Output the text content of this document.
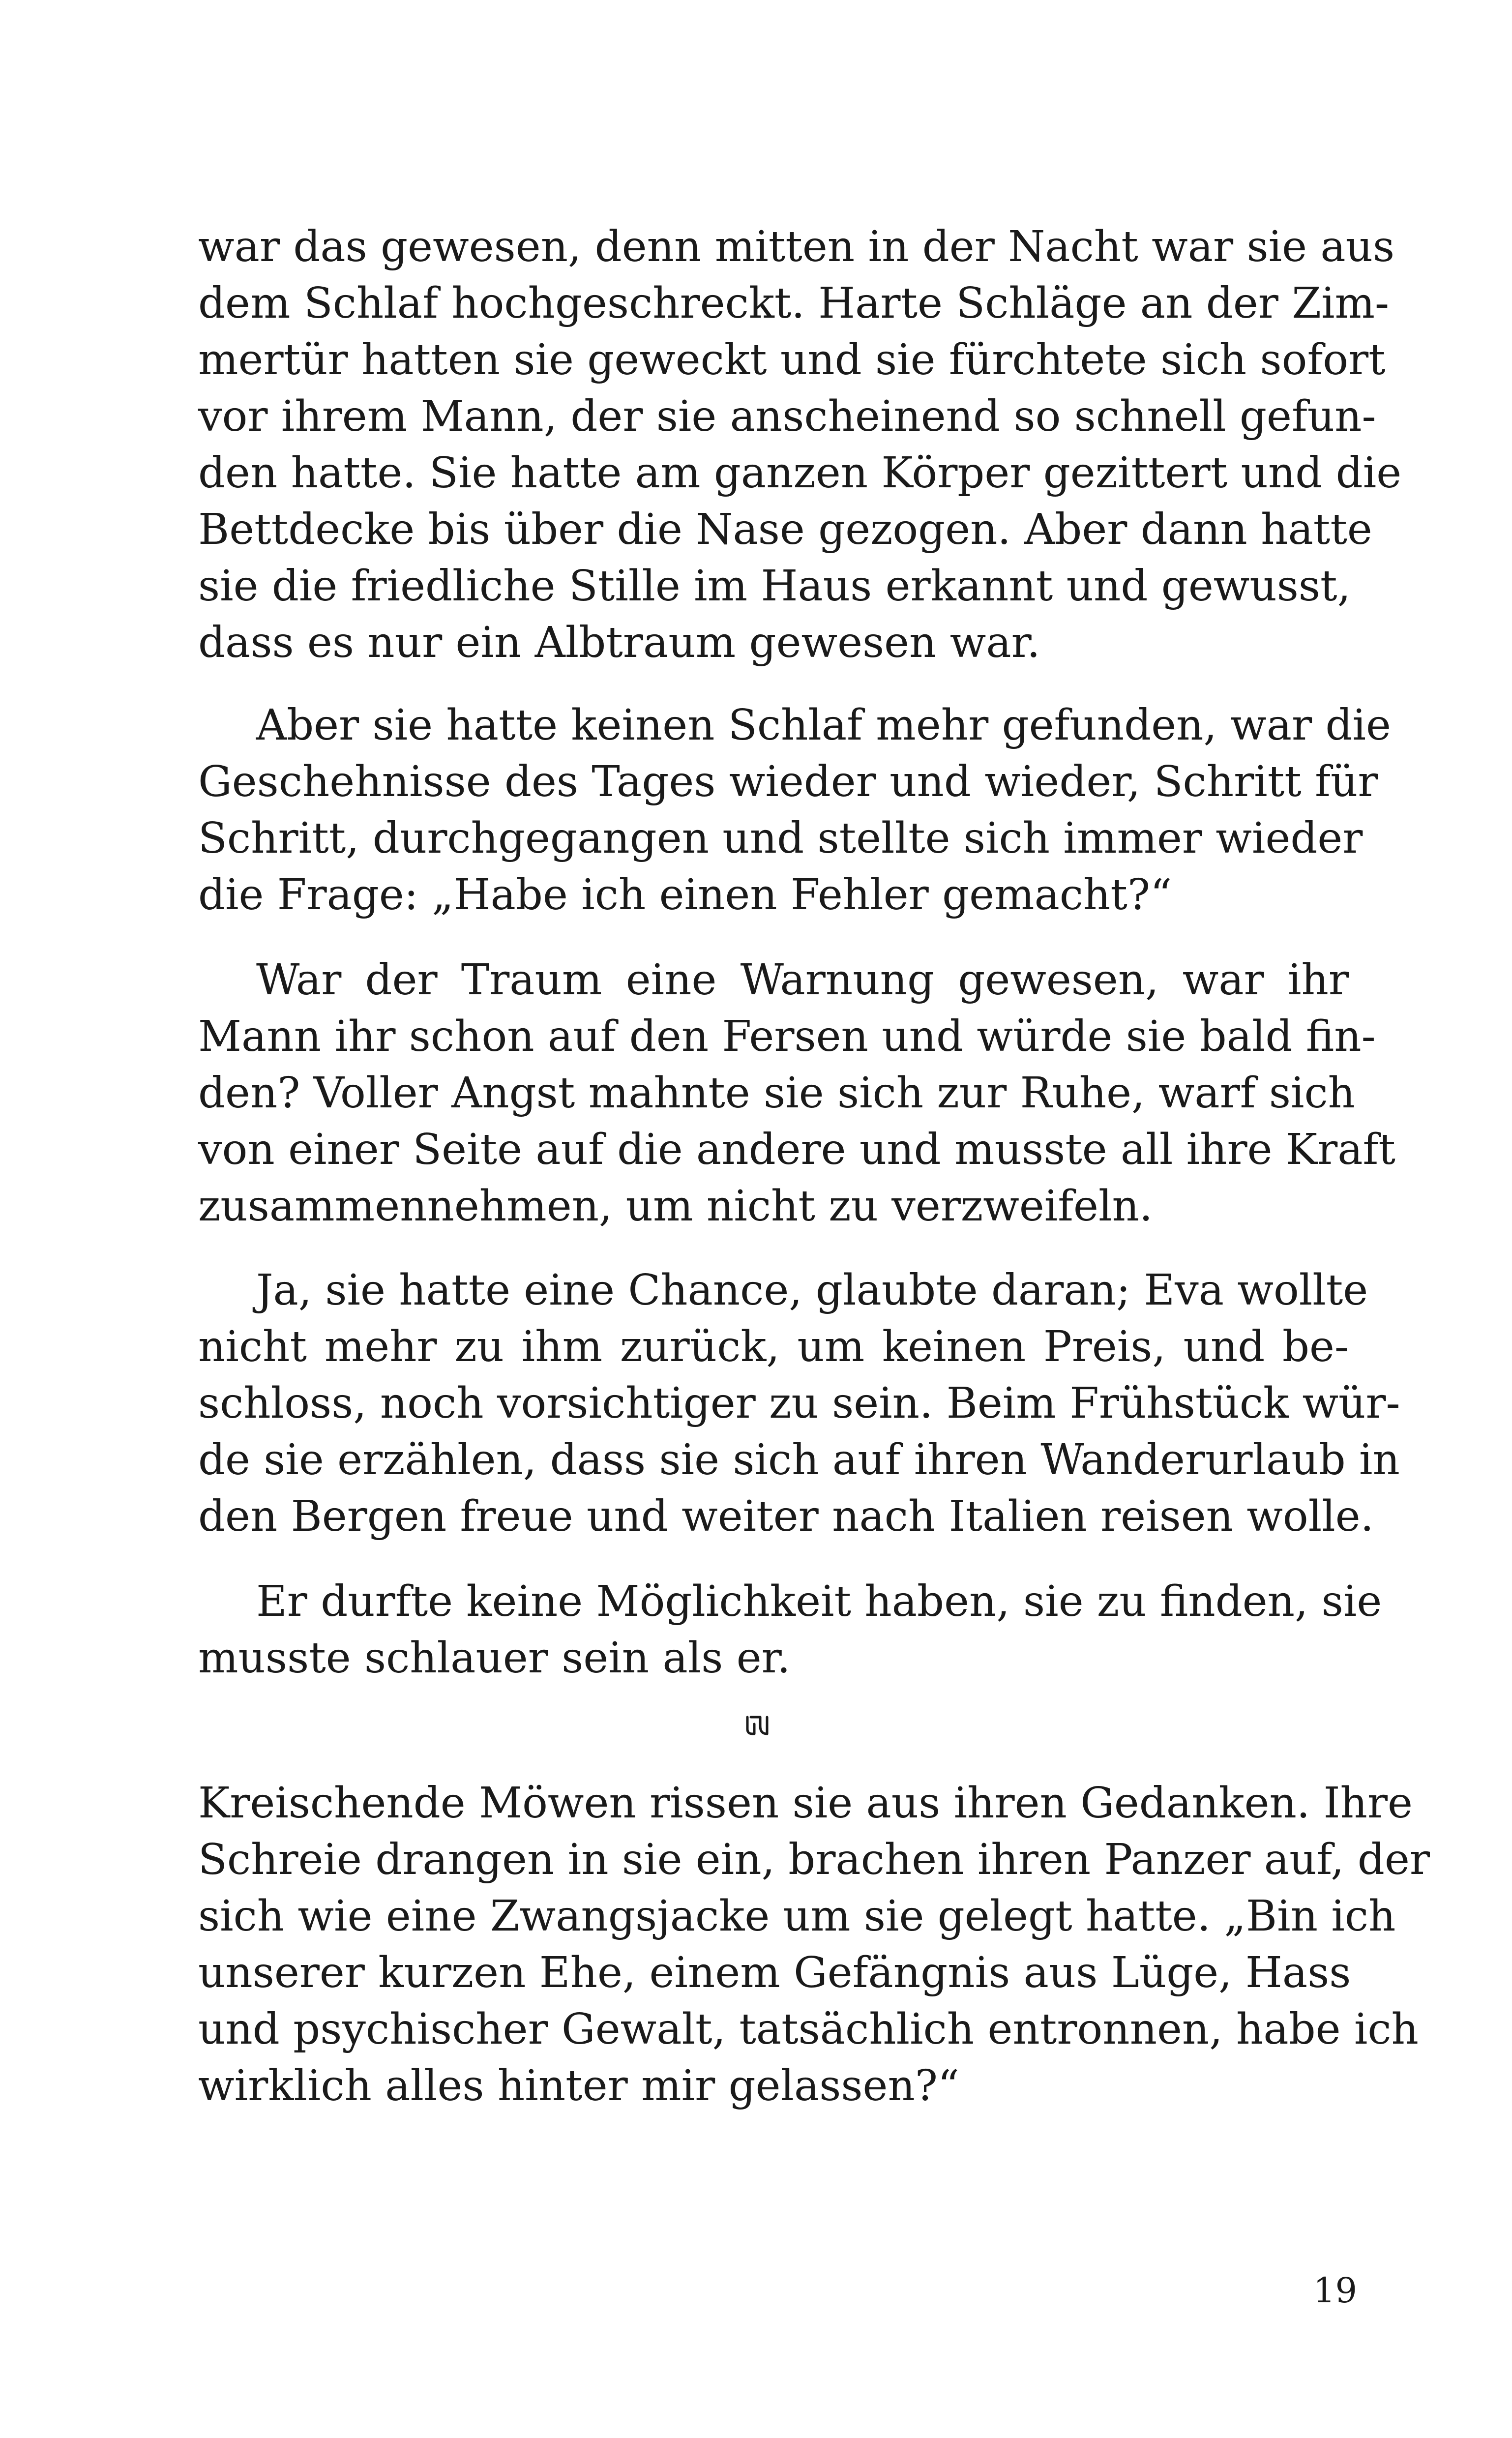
war das gewesen, denn mitten in der Nacht war sie aus
dem Schlaf hochgeschreckt. Harte Schläge an der Zim-
mertür hatten sie geweckt und sie fürchtete sich sofort
vor ihrem Mann, der sie anscheinend so schnell gefun-
den hatte. Sie hatte am ganzen Körper gezittert und die
Bettdecke bis über die Nase gezogen. Aber dann hatte
sie die friedliche Stille im Haus erkannt und gewusst,
dass es nur ein Albtraum gewesen war.
Aber sie hatte keinen Schlaf mehr gefunden, war die
Geschehnisse des Tages wieder und wieder, Schritt für
Schritt, durchgegangen und stellte sich immer wieder
die Frage: „Habe ich einen Fehler gemacht?“
War der Traum eine Warnung gewesen, war ihr
Mann ihr schon auf den Fersen und würde sie bald fin-
den? Voller Angst mahnte sie sich zur Ruhe, warf sich
von einer Seite auf die andere und musste all ihre Kraft
zusammennehmen, um nicht zu verzweifeln.
Ja, sie hatte eine Chance, glaubte daran; Eva wollte
nicht mehr zu ihm zurück, um keinen Preis, und be-
schloss, noch vorsichtiger zu sein. Beim Frühstück wür-
de sie erzählen, dass sie sich auf ihren Wanderurlaub in
den Bergen freue und weiter nach Italien reisen wolle.
Er durfte keine Möglichkeit haben, sie zu finden, sie
musste schlauer sein als er.
Kreischende Möwen rissen sie aus ihren Gedanken. Ihre
Schreie drangen in sie ein, brachen ihren Panzer auf, der
sich wie eine Zwangsjacke um sie gelegt hatte. „Bin ich
unserer kurzen Ehe, einem Gefängnis aus Lüge, Hass
und psychischer Gewalt, tatsächlich entronnen, habe ich
wirklich alles hinter mir gelassen?“
19
